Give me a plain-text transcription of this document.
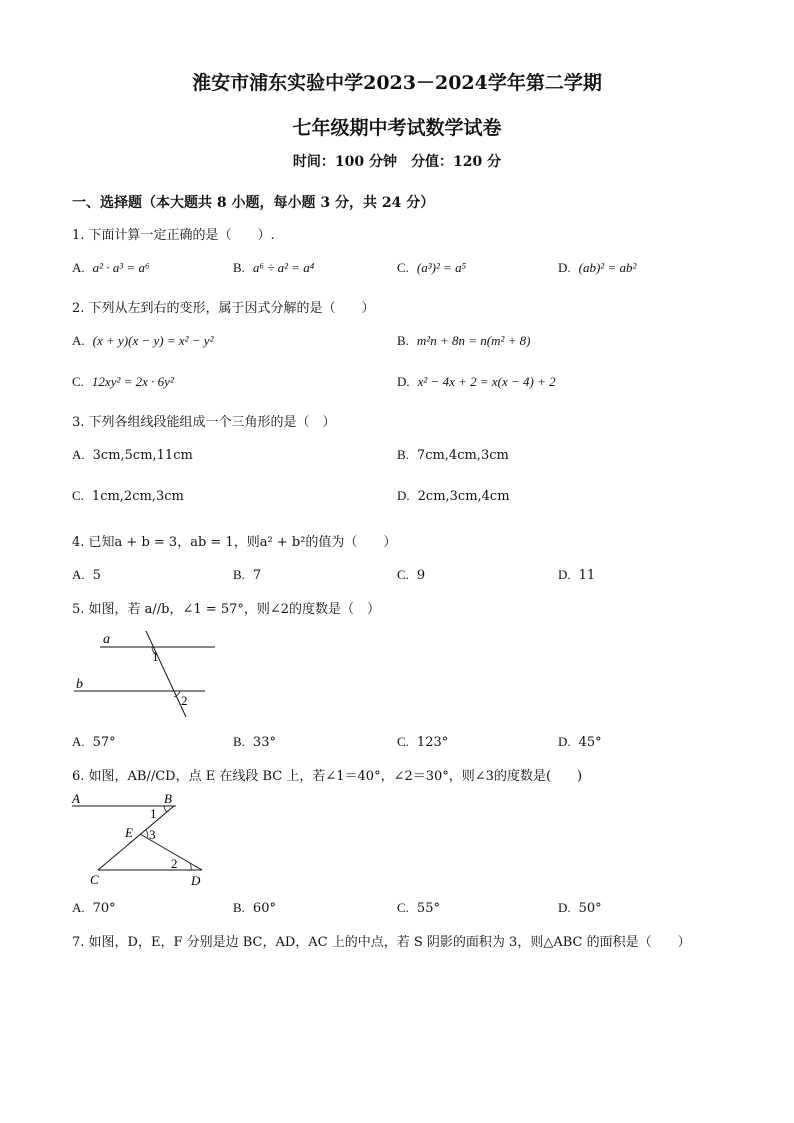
淮安市浦东实验中学2023－2024学年第二学期
七年级期中考试数学试卷
时间：100 分钟　分值：120 分
一、选择题（本大题共 8 小题，每小题 3 分，共 24 分）
1. 下面计算一定正确的是（　　）.
A. a² · a³ = a⁶	B. a⁶ ÷ a² = a⁴	C. (a³)² = a⁵	D. (ab)² = ab²
2. 下列从左到右的变形，属于因式分解的是（　　）
A. (x + y)(x − y) = x² − y²	B. m²n + 8n = n(m² + 8)
C. 12xy² = 2x · 6y²	D. x² − 4x + 2 = x(x − 4) + 2
3. 下列各组线段能组成一个三角形的是（　）
A. 3cm,5cm,11cm	B. 7cm,4cm,3cm
C. 1cm,2cm,3cm	D. 2cm,3cm,4cm
4. 已知a + b = 3，ab = 1，则a² + b²的值为（　　）
A. 5	B. 7	C. 9	D. 11
5. 如图，若 a//b，∠1 = 57°，则∠2的度数是（　）
a
b
1
2
A. 57°	B. 33°	C. 123°	D. 45°
6. 如图，AB//CD，点 E 在线段 BC 上，若∠1＝40°，∠2＝30°，则∠3的度数是(　　)
A	B
1
E 3
2
C	D
A. 70°	B. 60°	C. 55°	D. 50°
7. 如图，D，E，F 分别是边 BC，AD，AC 上的中点，若 S 阴影的面积为 3，则△ABC 的面积是（　　）
